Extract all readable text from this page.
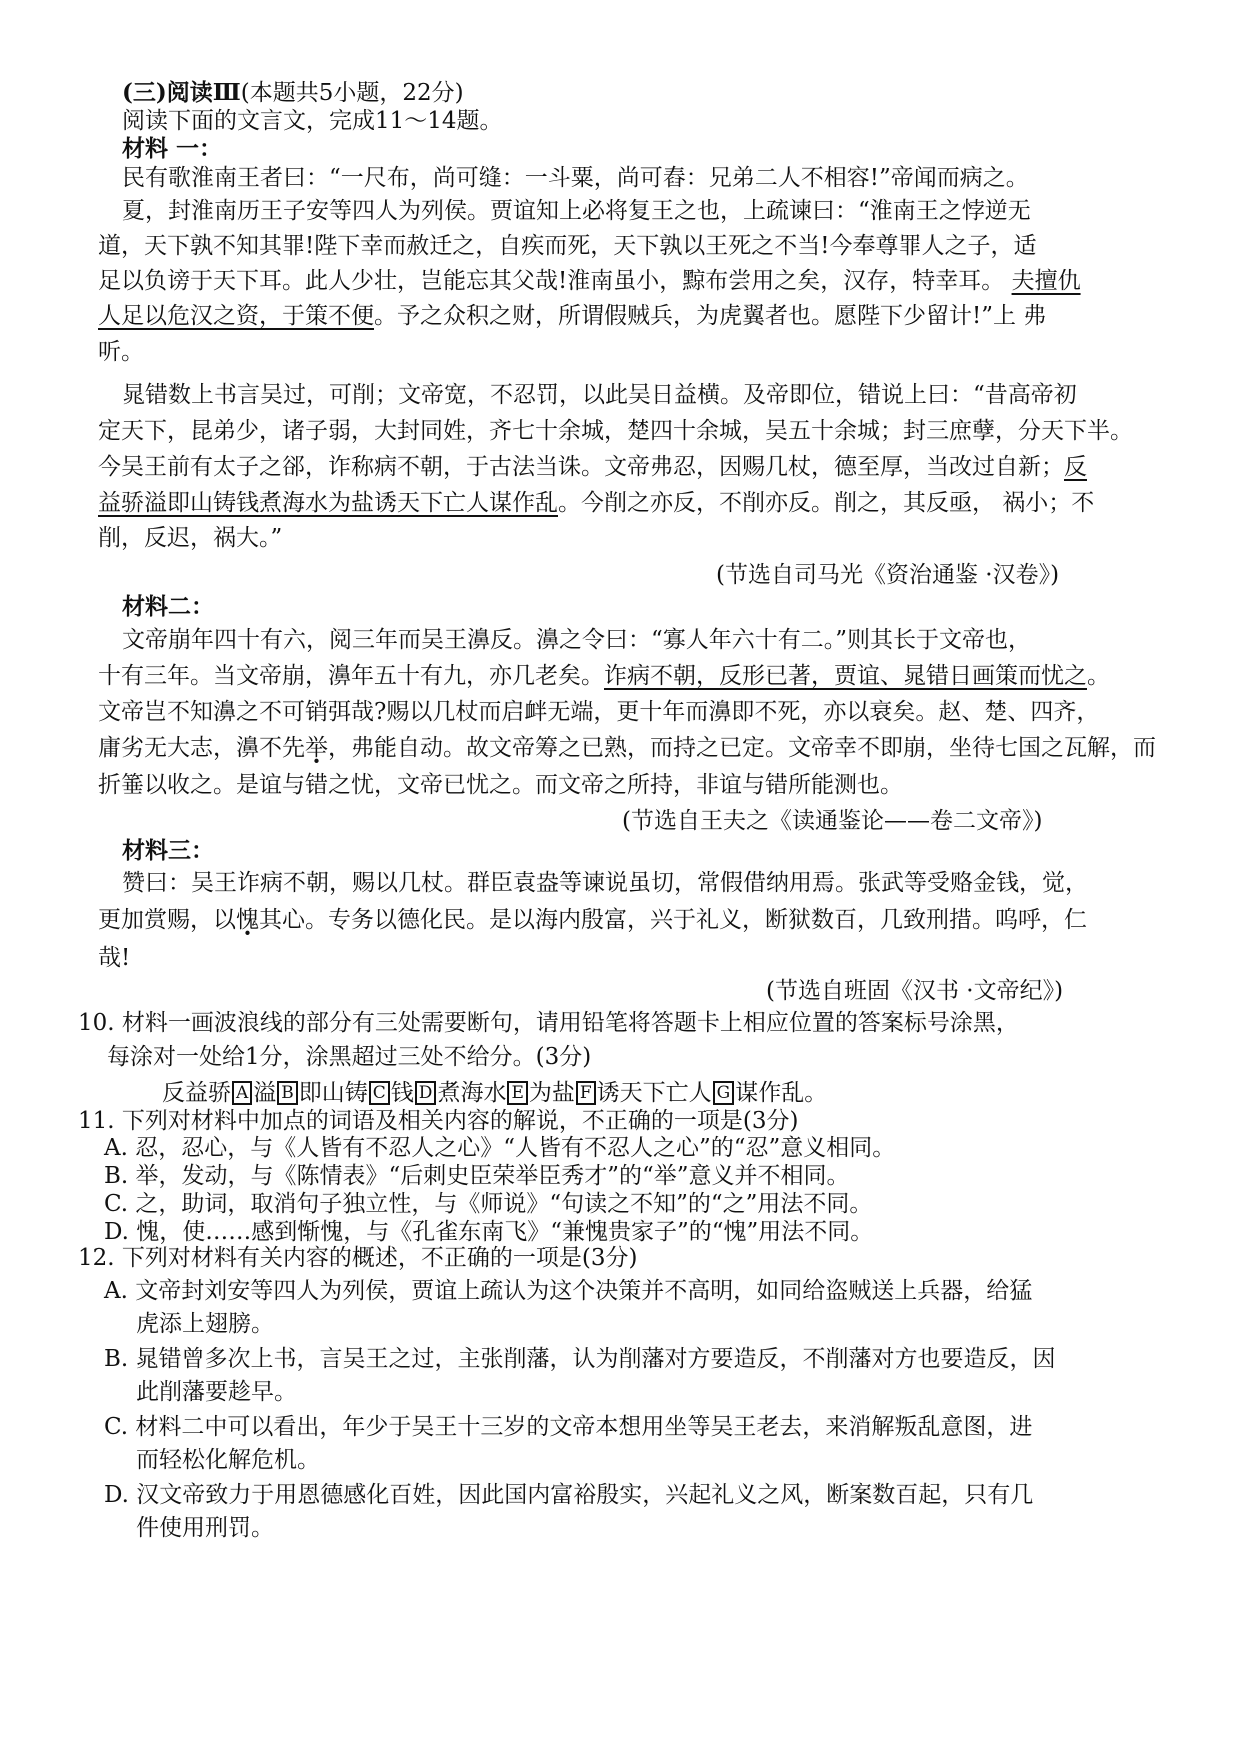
(三)阅读Ⅲ(本题共5小题，22分)
阅读下面的文言文，完成11～14题。
材料 一：
民有歌淮南王者曰：“一尺布，尚可缝：一斗粟，尚可舂：兄弟二人不相容!”帝闻而病之。
夏，封淮南历王子安等四人为列侯。贾谊知上必将复王之也，上疏谏曰：“淮南王之悖逆无
道，天下孰不知其罪!陛下幸而赦迁之，自疾而死，天下孰以王死之不当!今奉尊罪人之子，适
足以负谤于天下耳。此人少壮，岂能忘其父哉!淮南虽小，黥布尝用之矣，汉存，特幸耳。 夫擅仇
人足以危汉之资，于策不便。予之众积之财，所谓假贼兵，为虎翼者也。愿陛下少留计!”上 弗
听。
晁错数上书言吴过，可削；文帝宽，不忍罚，以此吴日益横。及帝即位，错说上曰：“昔高帝初
定天下，昆弟少，诸子弱，大封同姓，齐七十余城，楚四十余城，吴五十余城；封三庶孽，分天下半。
今吴王前有太子之郤，诈称病不朝，于古法当诛。文帝弗忍，因赐几杖，德至厚，当改过自新；反
益骄溢即山铸钱煮海水为盐诱天下亡人谋作乱。今削之亦反，不削亦反。削之，其反亟， 祸小；不
削，反迟，祸大。”
(节选自司马光《资治通鉴 ·汉卷》)
材料二：
文帝崩年四十有六，阅三年而吴王濞反。濞之令曰：“寡人年六十有二。”则其长于文帝也，
十有三年。当文帝崩，濞年五十有九，亦几老矣。诈病不朝，反形已著，贾谊、晁错日画策而忧之。
文帝岂不知濞之不可销弭哉?赐以几杖而启衅无端，更十年而濞即不死，亦以衰矣。赵、楚、四齐，
庸劣无大志，濞不先举，弗能自动。故文帝筹之已熟，而持之已定。文帝幸不即崩，坐待七国之瓦解，而
折箠以收之。是谊与错之忧，文帝已忧之。而文帝之所持，非谊与错所能测也。
(节选自王夫之《读通鉴论——卷二文帝》)
材料三：
赞曰：吴王诈病不朝，赐以几杖。群臣袁盎等谏说虽切，常假借纳用焉。张武等受赂金钱，觉，
更加赏赐，以愧其心。专务以德化民。是以海内殷富，兴于礼义，断狱数百，几致刑措。呜呼，仁
哉!
(节选自班固《汉书 ·文帝纪》)
10. 材料一画波浪线的部分有三处需要断句，请用铅笔将答题卡上相应位置的答案标号涂黑，
每涂对一处给1分，涂黑超过三处不给分。(3分)
反益骄 A 溢 B 即山铸 C 钱 D 煮海水 E 为盐 F 诱天下亡人 G 谋作乱。
11. 下列对材料中加点的词语及相关内容的解说，不正确的一项是(3分)
A. 忍，忍心，与《人皆有不忍人之心》“人皆有不忍人之心”的“忍”意义相同。
B. 举，发动，与《陈情表》“后刺史臣荣举臣秀才”的“举”意义并不相同。
C. 之，助词，取消句子独立性，与《师说》“句读之不知”的“之”用法不同。
D. 愧，使……感到惭愧，与《孔雀东南飞》“兼愧贵家子”的“愧”用法不同。
12. 下列对材料有关内容的概述，不正确的一项是(3分)
A. 文帝封刘安等四人为列侯，贾谊上疏认为这个决策并不高明，如同给盗贼送上兵器，给猛
虎添上翅膀。
B. 晁错曾多次上书，言吴王之过，主张削藩，认为削藩对方要造反，不削藩对方也要造反，因
此削藩要趁早。
C. 材料二中可以看出，年少于吴王十三岁的文帝本想用坐等吴王老去，来消解叛乱意图，进
而轻松化解危机。
D. 汉文帝致力于用恩德感化百姓，因此国内富裕殷实，兴起礼义之风，断案数百起，只有几
件使用刑罚。
